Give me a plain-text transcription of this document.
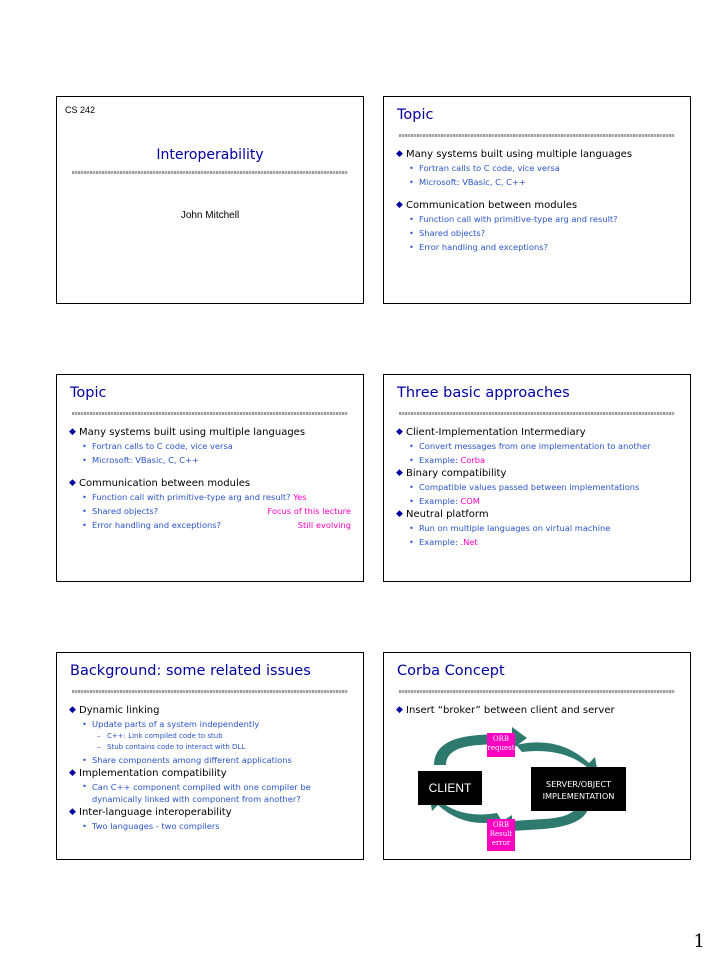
CS 242
Interoperability
John Mitchell
Topic
◆ Many systems built using multiple languages
• Fortran calls to C code, vice versa
• Microsoft: VBasic, C, C++
◆ Communication between modules
• Function call with primitive-type arg and result?
• Shared objects?
• Error handling and exceptions?
Topic
◆ Many systems built using multiple languages
• Fortran calls to C code, vice versa
• Microsoft: VBasic, C, C++
◆ Communication between modules
• Function call with primitive-type arg and result? Yes
• Shared objects?	Focus of this lecture
• Error handling and exceptions?	Still evolving
Three basic approaches
◆ Client-Implementation Intermediary
• Convert messages from one implementation to another
• Example: Corba
◆ Binary compatibility
• Compatible values passed between implementations
• Example: COM
◆ Neutral platform
• Run on multiple languages on virtual machine
• Example: .Net
Background: some related issues
◆ Dynamic linking
• Update parts of a system independently
– C++: Link compiled code to stub
– Stub contains code to interact with DLL
• Share components among different applications
◆ Implementation compatibility
• Can C++ component compiled with one compiler be dynamically linked with component from another?
◆ Inter-language interoperability
• Two languages - two compilers
Corba Concept
◆ Insert “broker” between client and server
ORB
request
ORB
Result
error
CLIENT	SERVER/OBJECT
IMPLEMENTATION
1
